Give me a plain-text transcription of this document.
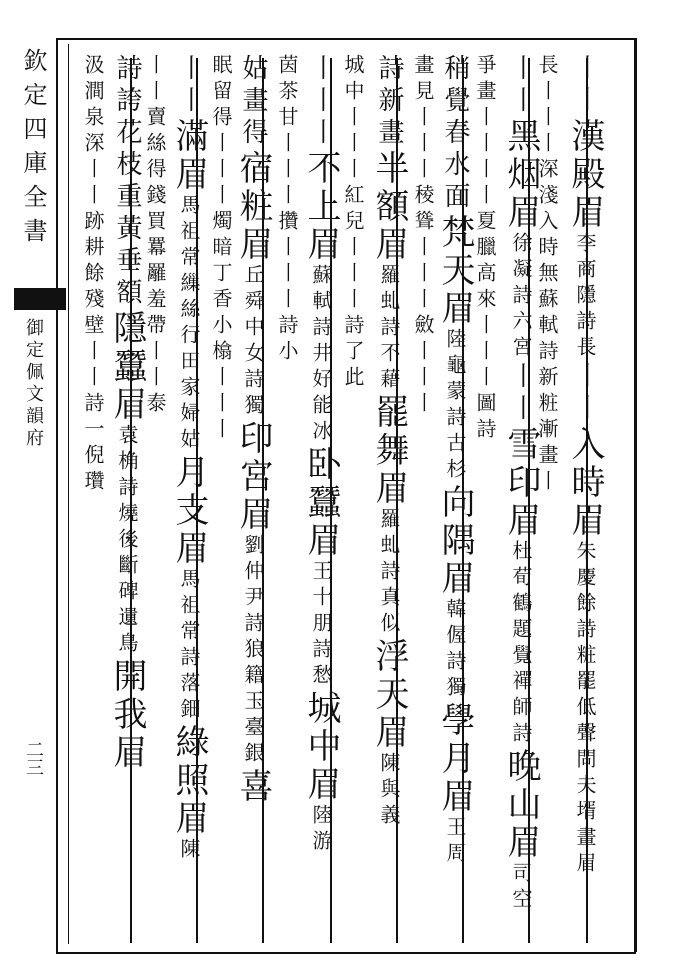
丨丨漢殿眉李商隱詩長丨丨入時眉朱慶餘詩粧罷低聲問夫壻畫眉
長丨丨丨深淺入時無蘇軾詩新粧漸畫丨
丨丨黑烟眉徐凝詩六宮丨丨雪印眉杜荀鶴題覺禪師詩晚山眉司空
爭畫丨丨丨丨夏臘高來丨丨丨圖詩
稍覺春水面梵天眉陸龜蒙詩古杉向隅眉韓偓詩獨學月眉王周
畫見丨丨丨稜聳丨丨丨斂丨丨丨
詩新畫半額眉羅虬詩不藉罷舞眉羅虬詩真似浮天眉陳與義
城中丨丨丨紅兒丨丨丨詩了此
丨丨丨不上眉蘇軾詩井好能冰卧蠶眉王十朋詩愁城中眉陸游
茵茶甘丨丨丨攢丨丨丨詩小
姑畫得宿粧眉丘舜中女詩獨印宮眉劉仲尹詩狼籍玉臺銀喜
眠留得丨丨丨燭暗丁香小㯓丨丨丨
丨丨滿眉馬祖常繅絲行田家婦姑月支眉馬祖常詩落鈿綠照眉陳
丨丨賣絲得錢買羃䍦羞帶丨丨泰
詩誇花枝重黃垂額隱蠶眉袁桷詩燒後斷碑遺鳥開我眉
汲澗泉深丨丨跡耕餘殘壁丨丨詩一倪瓚
欽定四庫全書
御定佩文韻府
二三
